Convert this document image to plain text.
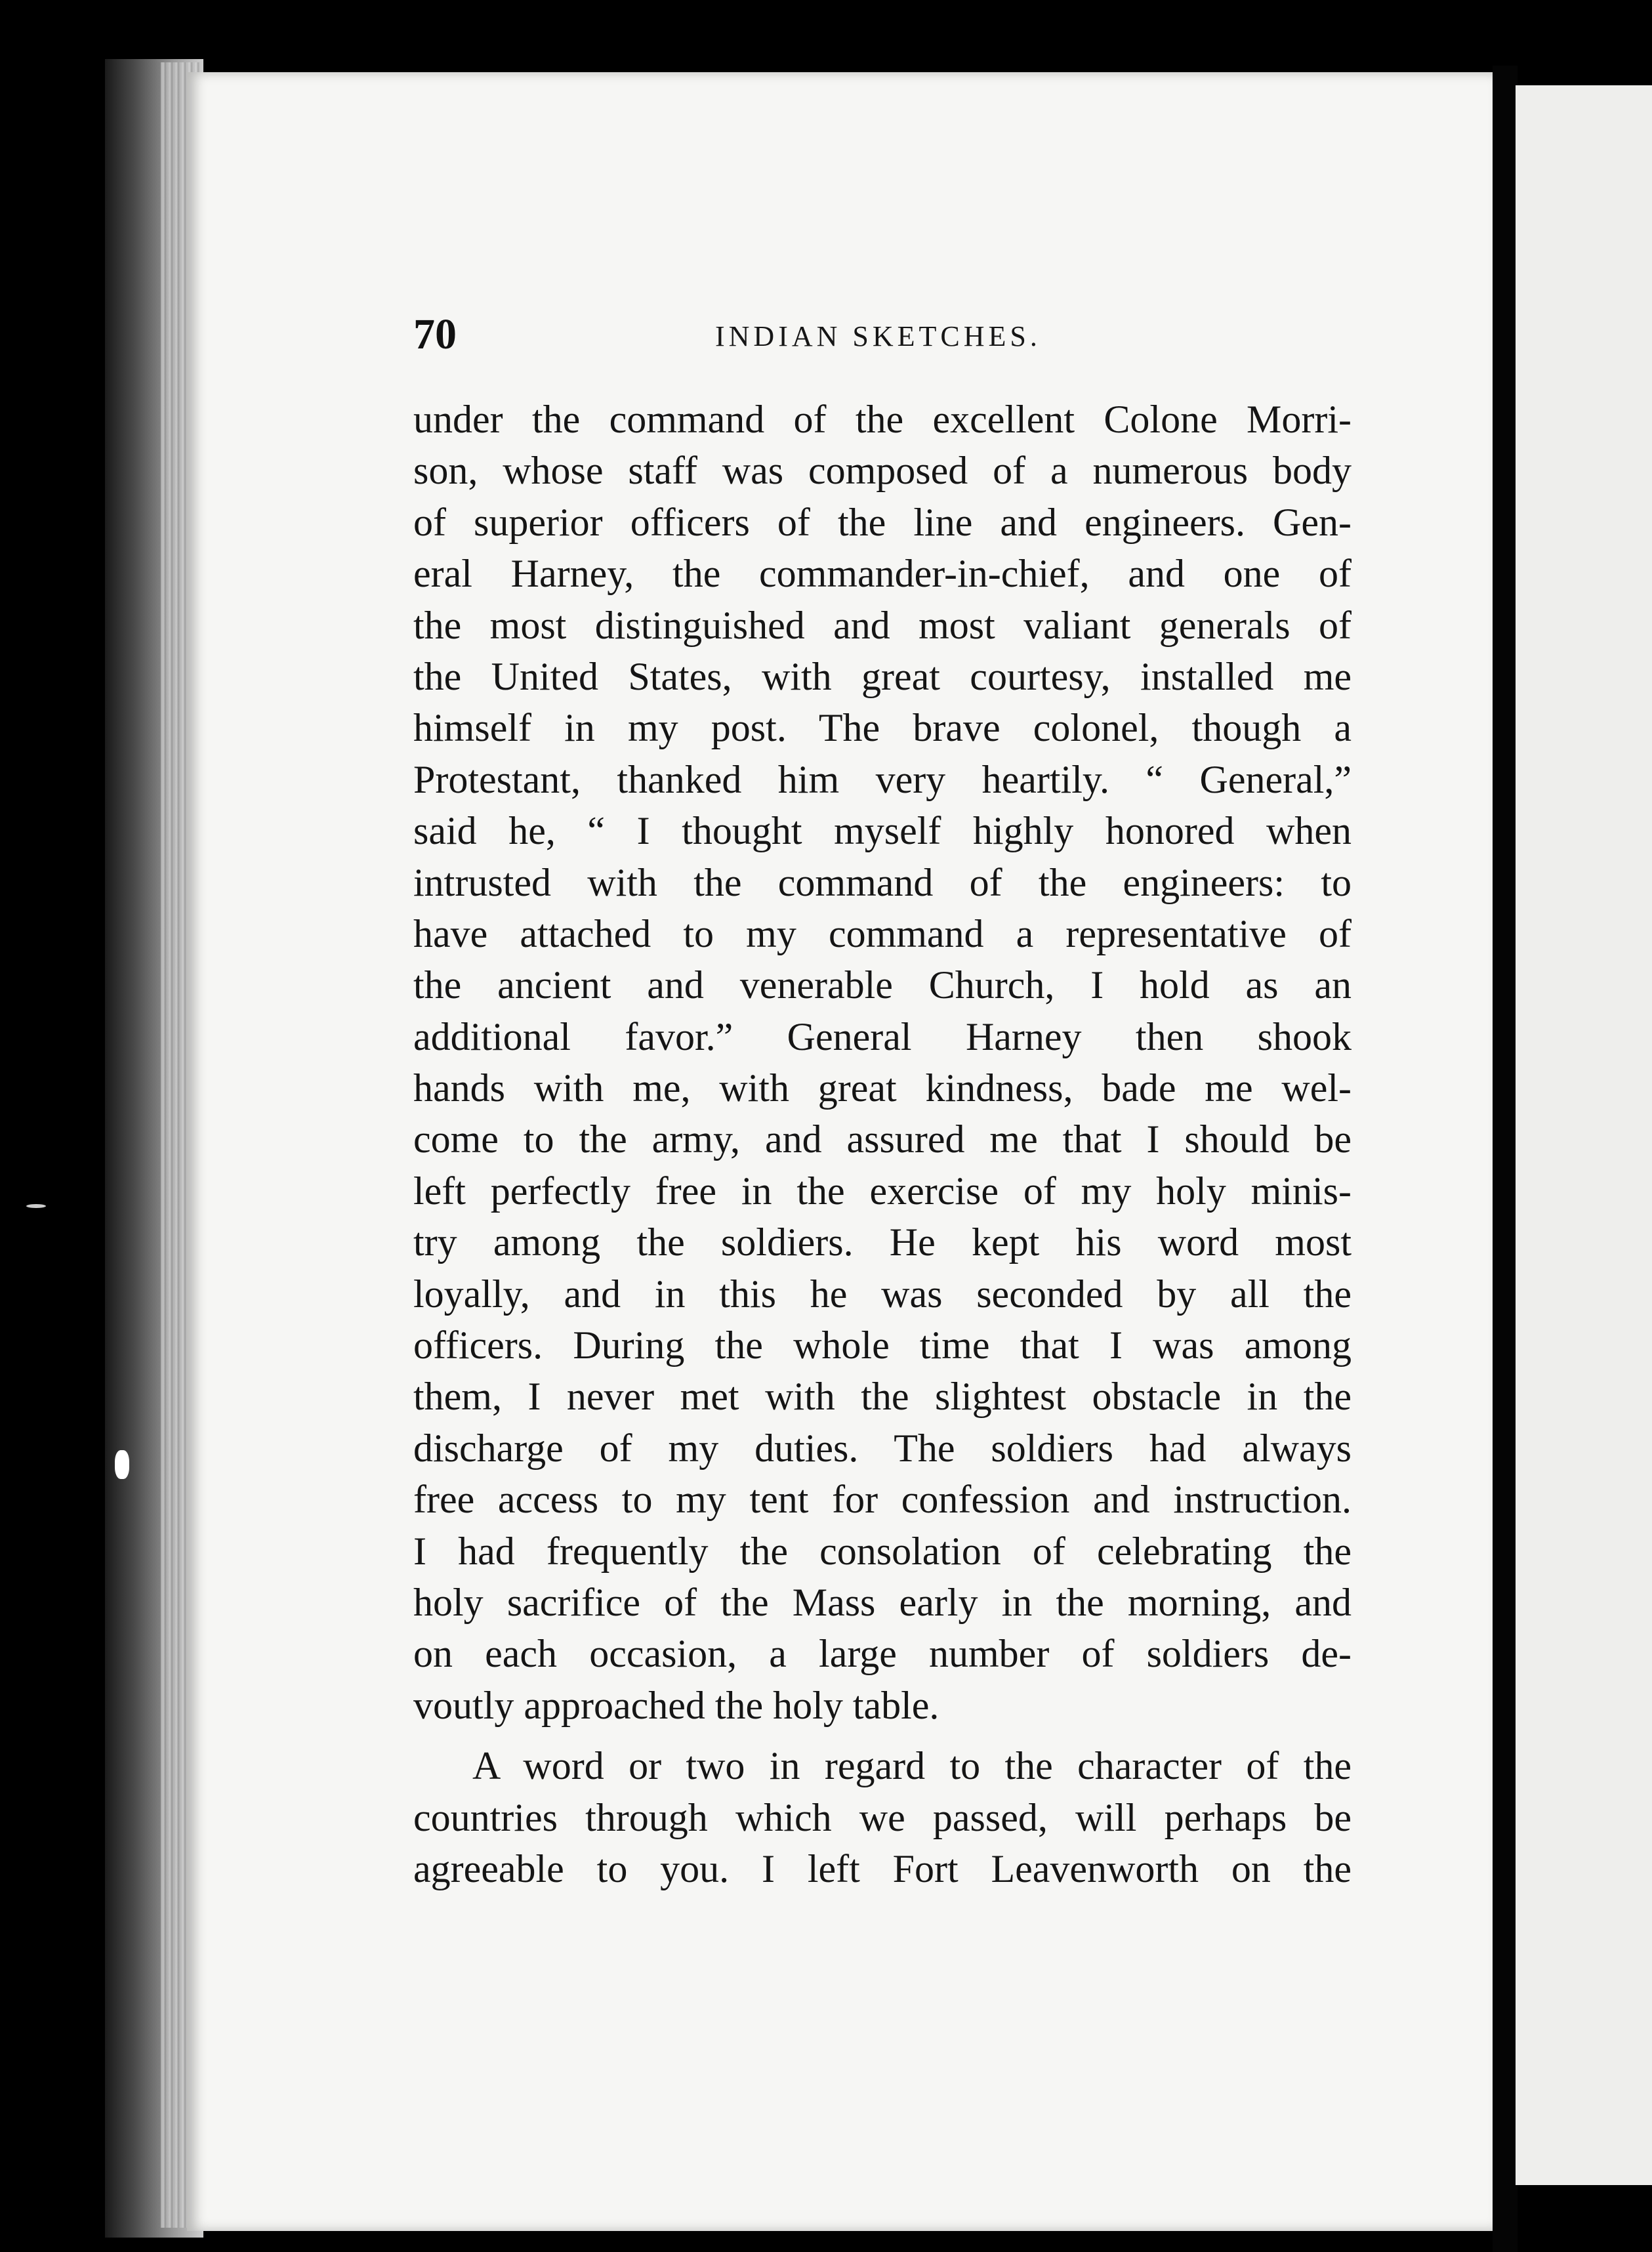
70	INDIAN SKETCHES.
under the command of the excellent Colone Morri-
son, whose staff was composed of a numerous body
of superior officers of the line and engineers. Gen-
eral Harney, the commander-in-chief, and one of
the most distinguished and most valiant generals of
the United States, with great courtesy, installed me
himself in my post. The brave colonel, though a
Protestant, thanked him very heartily. “ General,”
said he, “ I thought myself highly honored when
intrusted with the command of the engineers: to
have attached to my command a representative of
the ancient and venerable Church, I hold as an
additional favor.” General Harney then shook
hands with me, with great kindness, bade me wel-
come to the army, and assured me that I should be
left perfectly free in the exercise of my holy minis-
try among the soldiers. He kept his word most
loyally, and in this he was seconded by all the
officers. During the whole time that I was among
them, I never met with the slightest obstacle in the
discharge of my duties. The soldiers had always
free access to my tent for confession and instruction.
I had frequently the consolation of celebrating the
holy sacrifice of the Mass early in the morning, and
on each occasion, a large number of soldiers de-
voutly approached the holy table.
A word or two in regard to the character of the
countries through which we passed, will perhaps be
agreeable to you. I left Fort Leavenworth on the
